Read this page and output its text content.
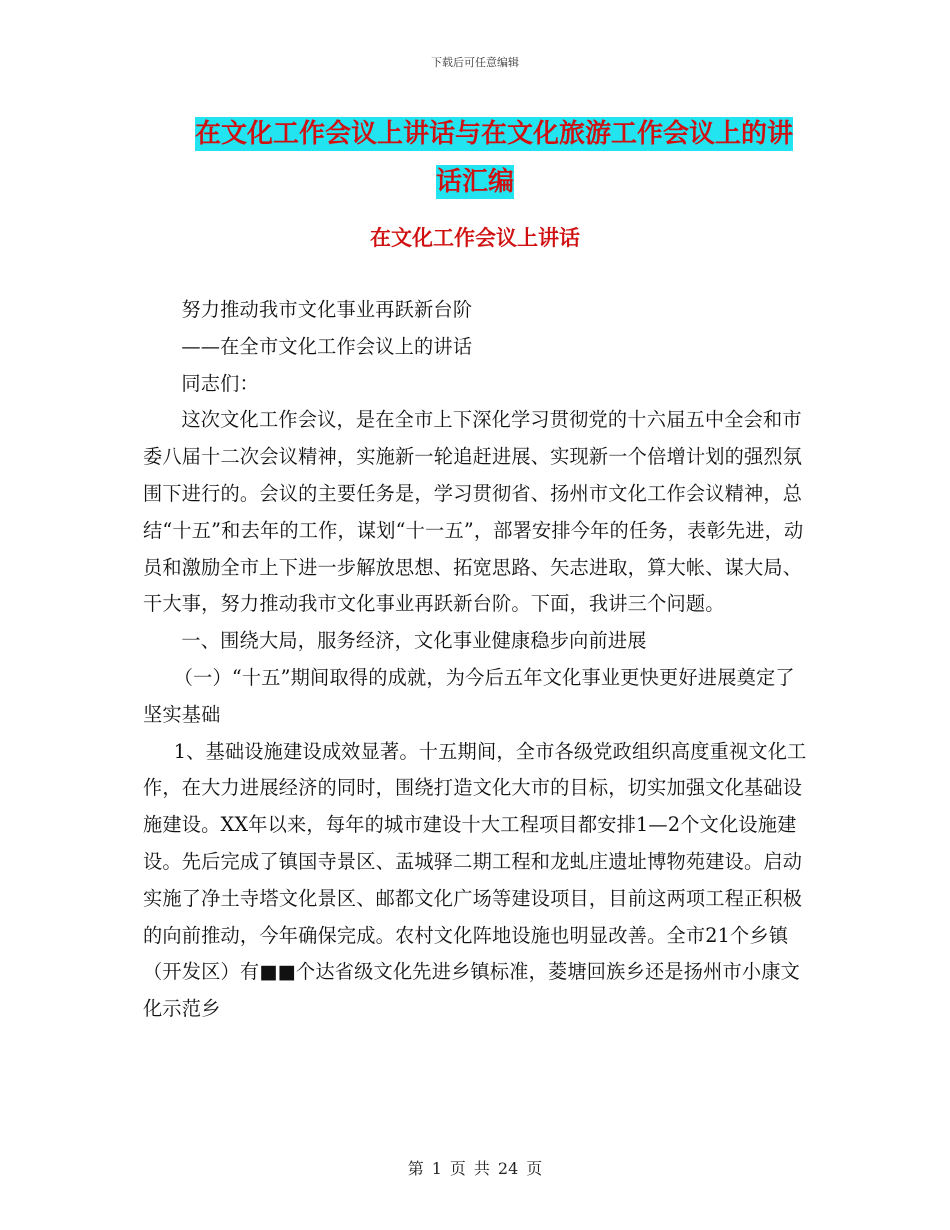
下载后可任意编辑
在文化工作会议上讲话与在文化旅游工作会议上的讲
话汇编
在文化工作会议上讲话

努力推动我市文化事业再跃新台阶

——在全市文化工作会议上的讲话

同志们：

这次文化工作会议，是在全市上下深化学习贯彻党的十六届五中全会和市委八届十二次会议精神，实施新一轮追赶进展、实现新一个倍增计划的强烈氛围下进行的。会议的主要任务是，学习贯彻省、扬州市文化工作会议精神，总结“十五”和去年的工作，谋划“十一五”，部署安排今年的任务，表彰先进，动员和激励全市上下进一步解放思想、拓宽思路、矢志进取，算大帐、谋大局、干大事，努力推动我市文化事业再跃新台阶。下面，我讲三个问题。

一、围绕大局，服务经济，文化事业健康稳步向前进展

（一）“十五”期间取得的成就，为今后五年文化事业更快更好进展奠定了坚实基础

1、基础设施建设成效显著。十五期间，全市各级党政组织高度重视文化工作，在大力进展经济的同时，围绕打造文化大市的目标，切实加强文化基础设施建设。XX年以来，每年的城市建设十大工程项目都安排1—2个文化设施建设。先后完成了镇国寺景区、盂城驿二期工程和龙虬庄遗址博物苑建设。启动实施了净土寺塔文化景区、邮都文化广场等建设项目，目前这两项工程正积极的向前推动，今年确保完成。农村文化阵地设施也明显改善。全市21个乡镇（开发区）有■■个达省级文化先进乡镇标准，菱塘回族乡还是扬州市小康文化示范乡

第 1 页 共 24 页
